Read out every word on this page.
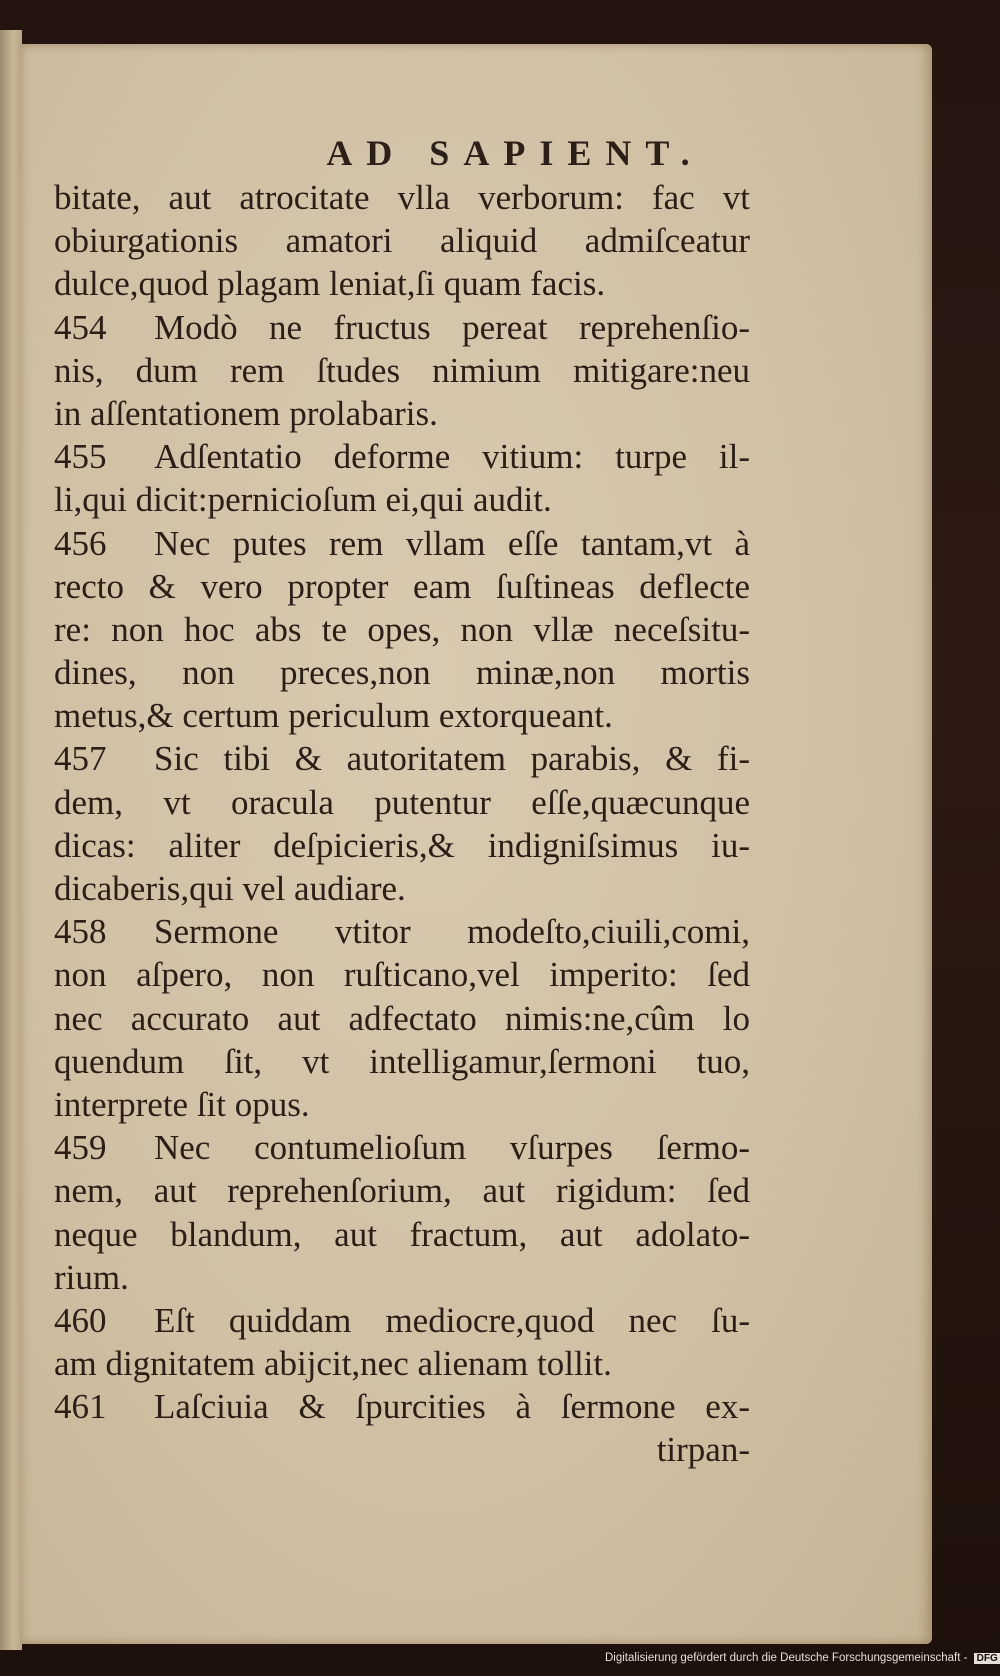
AD SAPIENT.
bitate, aut atrocitate vlla verborum: fac vt
obiurgationis amatori aliquid admiſceatur
dulce,quod plagam leniat,ſi quam facis.
454 Modò ne fructus pereat reprehenſio-
nis, dum rem ſtudes nimium mitigare:neu
in aſſentationem prolabaris.
455 Adſentatio deforme vitium: turpe il-
li,qui dicit:pernicioſum ei,qui audit.
456 Nec putes rem vllam eſſe tantam,vt à
recto & vero propter eam ſuſtineas deflecte
re: non hoc abs te opes, non vllæ neceſsitu-
dines, non preces,non minæ,non mortis
metus,& certum periculum extorqueant.
457 Sic tibi & autoritatem parabis, & fi-
dem, vt oracula putentur eſſe,quæcunque
dicas: aliter deſpicieris,& indigniſsimus iu-
dicaberis,qui vel audiare.
458 Sermone vtitor modeſto,ciuili,comi,
non aſpero, non ruſticano,vel imperito: ſed
nec accurato aut adfectato nimis:ne,cûm lo
quendum ſit, vt intelligamur,ſermoni tuo,
interprete ſit opus.
459 Nec contumelioſum vſurpes ſermo-
nem, aut reprehenſorium, aut rigidum: ſed
neque blandum, aut fractum, aut adolato-
rium.
460 Eſt quiddam mediocre,quod nec ſu-
am dignitatem abijcit,nec alienam tollit.
461 Laſciuia & ſpurcities à ſermone ex-
tirpan-
Digitalisierung gefördert durch die Deutsche Forschungsgemeinschaft - DFG
